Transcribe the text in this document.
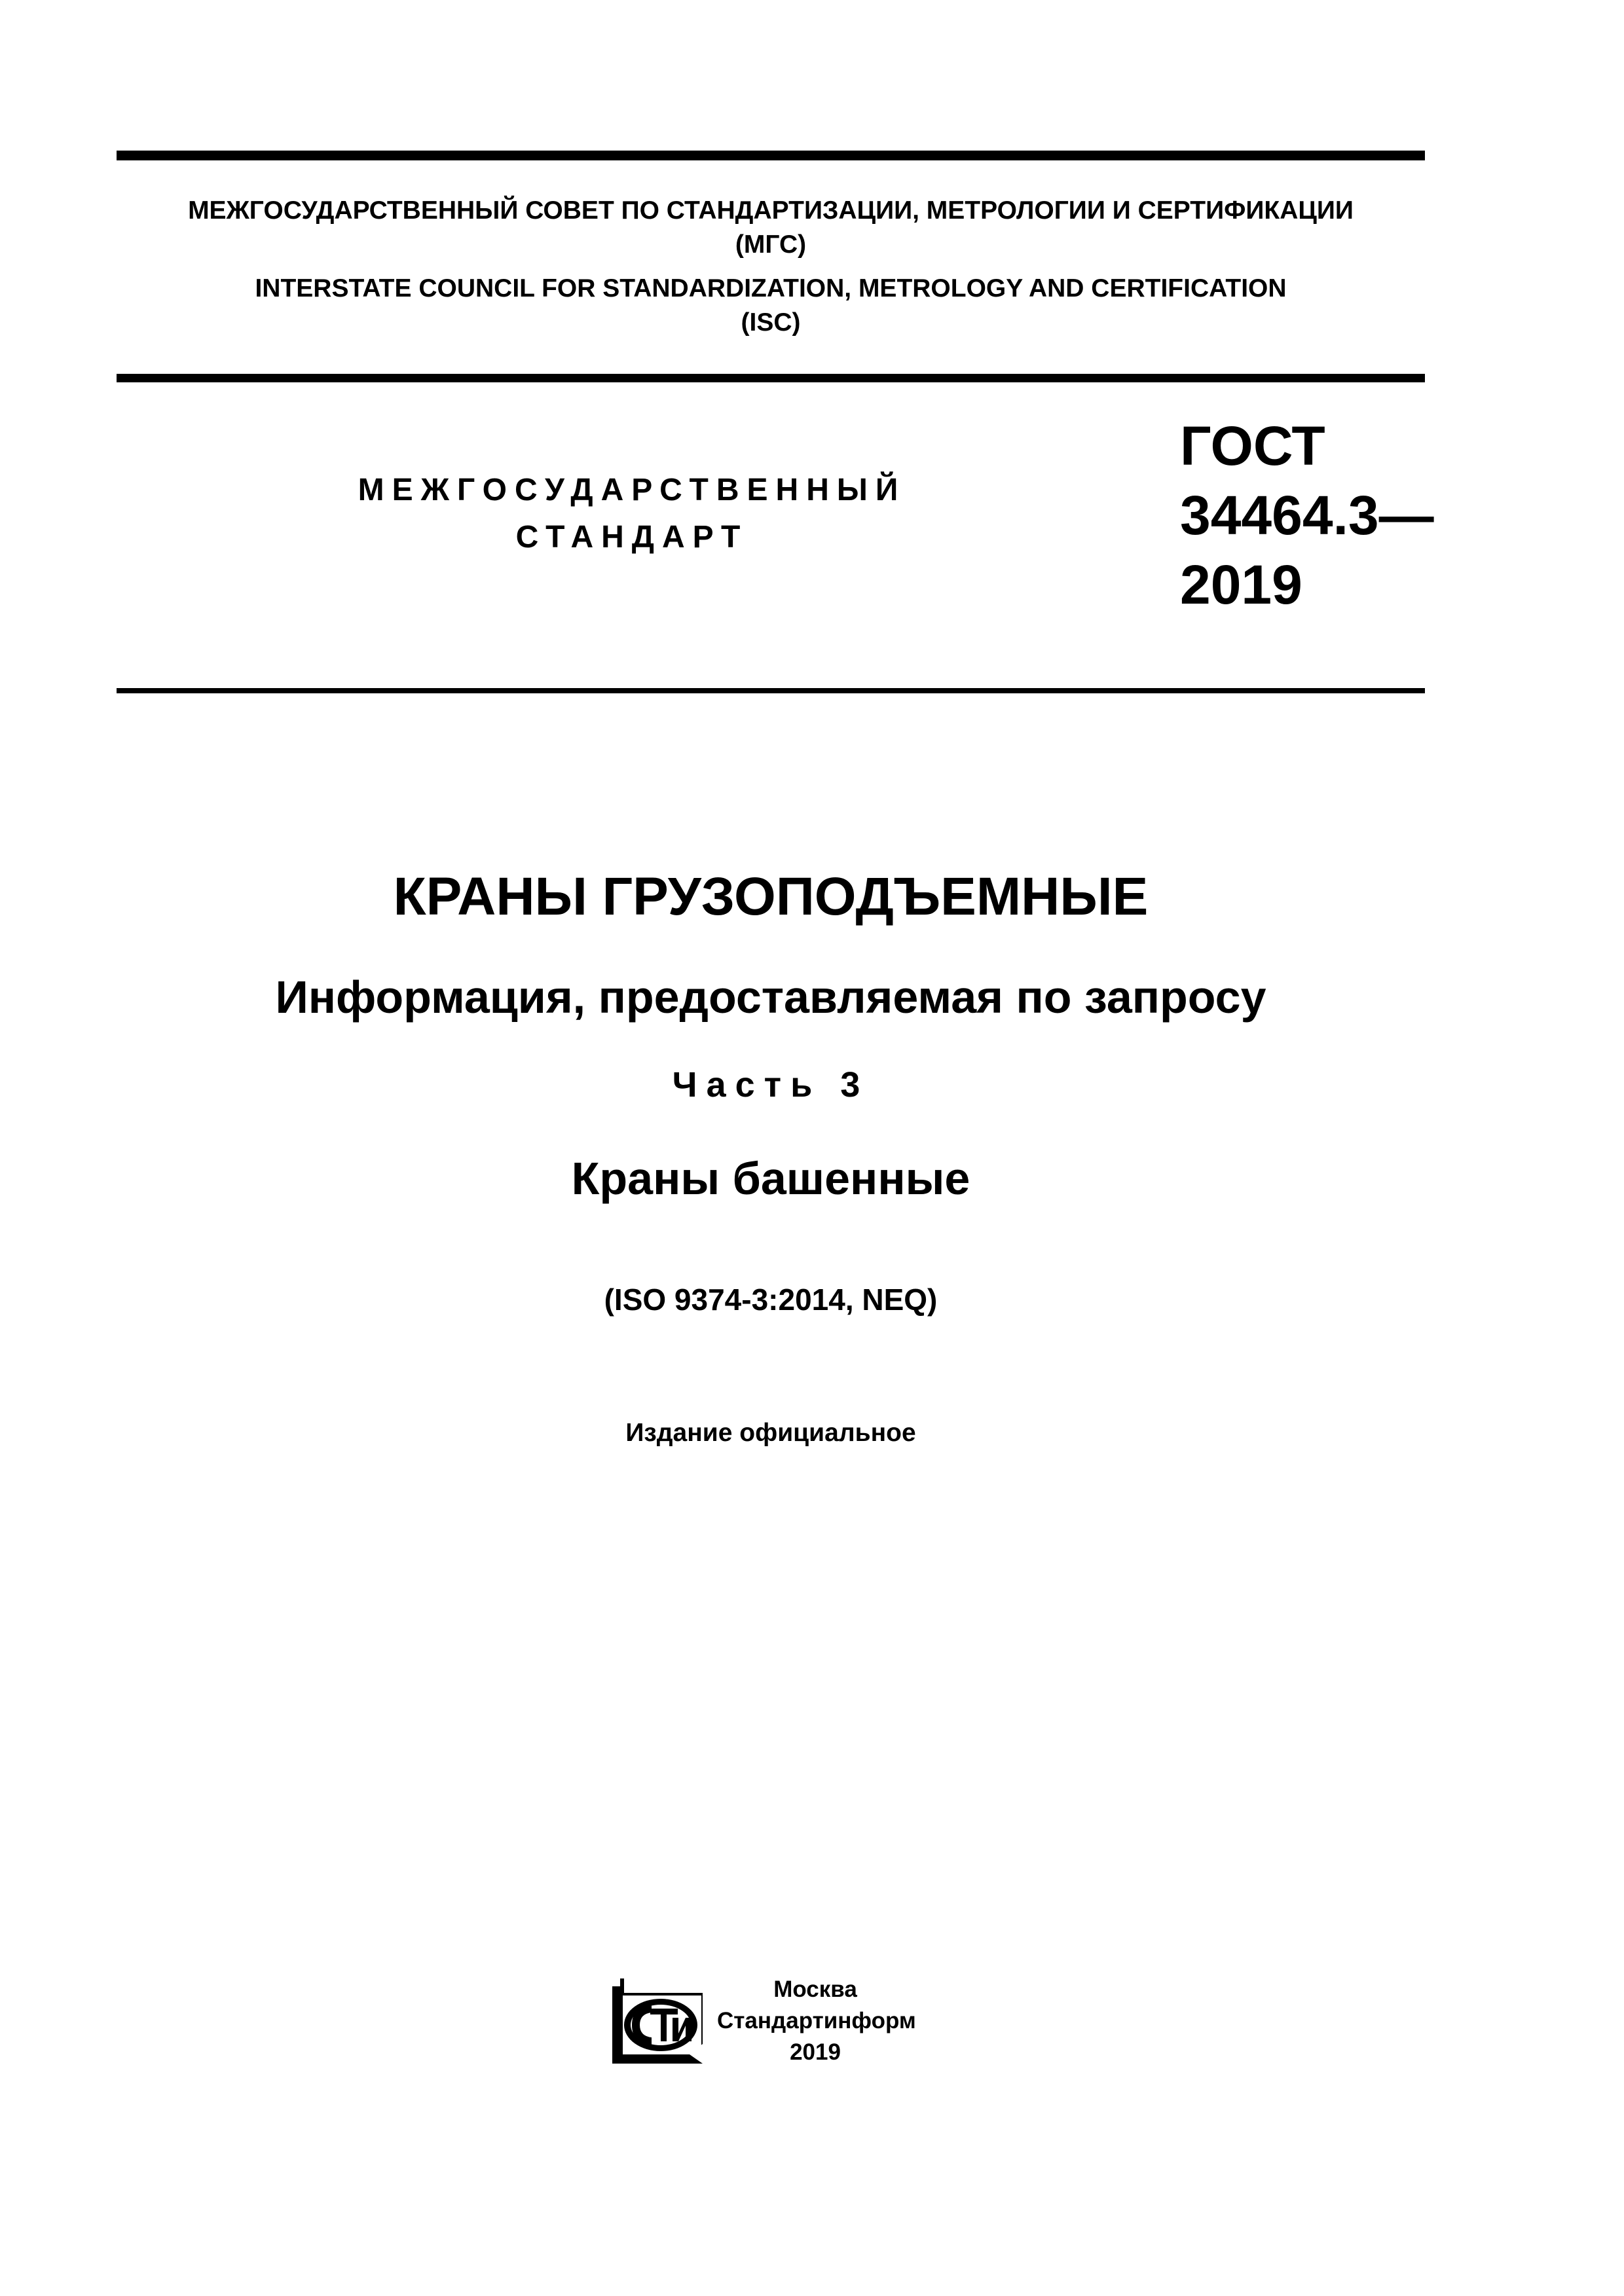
МЕЖГОСУДАРСТВЕННЫЙ СОВЕТ ПО СТАНДАРТИЗАЦИИ, МЕТРОЛОГИИ И СЕРТИФИКАЦИИ
(МГС)
INTERSTATE COUNCIL FOR STANDARDIZATION, METROLOGY AND CERTIFICATION
(ISC)
МЕЖГОСУДАРСТВЕННЫЙ
СТАНДАРТ
ГОСТ
34464.3—
2019
КРАНЫ ГРУЗОПОДЪЕМНЫЕ
Информация, предоставляемая по запросу
Часть 3
Краны башенные
(ISO 9374-3:2014, NEQ)
Издание официальное
Москва
Стандартинформ
2019
